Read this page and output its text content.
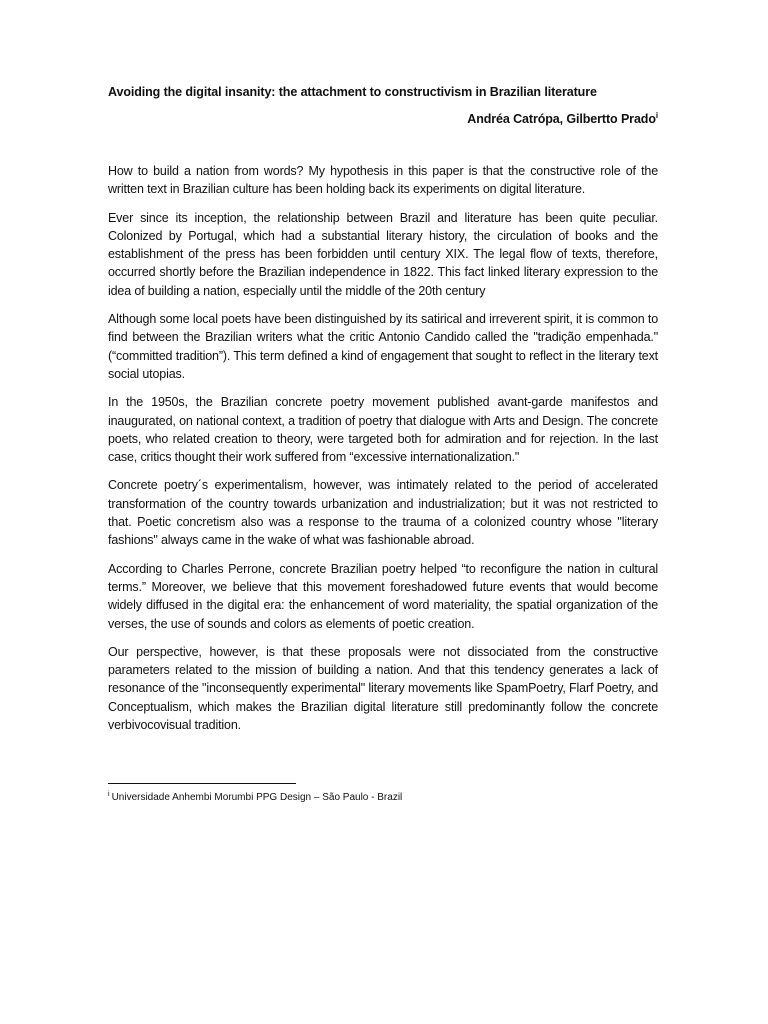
Avoiding the digital insanity: the attachment to constructivism in Brazilian literature

Andréa Catrópa, Gilbertto Prado$^i$

How to build a nation from words? My hypothesis in this paper is that the constructive role of the written text in Brazilian culture has been holding back its experiments on digital literature.

Ever since its inception, the relationship between Brazil and literature has been quite peculiar. Colonized by Portugal, which had a substantial literary history, the circulation of books and the establishment of the press has been forbidden until century XIX. The legal flow of texts, therefore, occurred shortly before the Brazilian independence in 1822. This fact linked literary expression to the idea of building a nation, especially until the middle of the 20th century

Although some local poets have been distinguished by its satirical and irreverent spirit, it is common to find between the Brazilian writers what the critic Antonio Candido called the "tradição empenhada." (“committed tradition”). This term defined a kind of engagement that sought to reflect in the literary text social utopias.

In the 1950s, the Brazilian concrete poetry movement published avant-garde manifestos and inaugurated, on national context, a tradition of poetry that dialogue with Arts and Design. The concrete poets, who related creation to theory, were targeted both for admiration and for rejection. In the last case, critics thought their work suffered from “excessive internationalization."

Concrete poetry´s experimentalism, however, was intimately related to the period of accelerated transformation of the country towards urbanization and industrialization; but it was not restricted to that. Poetic concretism also was a response to the trauma of a colonized country whose "literary fashions" always came in the wake of what was fashionable abroad.

According to Charles Perrone, concrete Brazilian poetry helped “to reconfigure the nation in cultural terms.” Moreover, we believe that this movement foreshadowed future events that would become widely diffused in the digital era: the enhancement of word materiality, the spatial organization of the verses, the use of sounds and colors as elements of poetic creation.

Our perspective, however, is that these proposals were not dissociated from the constructive parameters related to the mission of building a nation. And that this tendency generates a lack of resonance of the "inconsequently experimental" literary movements like SpamPoetry, Flarf Poetry, and Conceptualism, which makes the Brazilian digital literature still predominantly follow the concrete verbivocovisual tradition.

$^i$ Universidade Anhembi Morumbi PPG Design – São Paulo - Brazil
